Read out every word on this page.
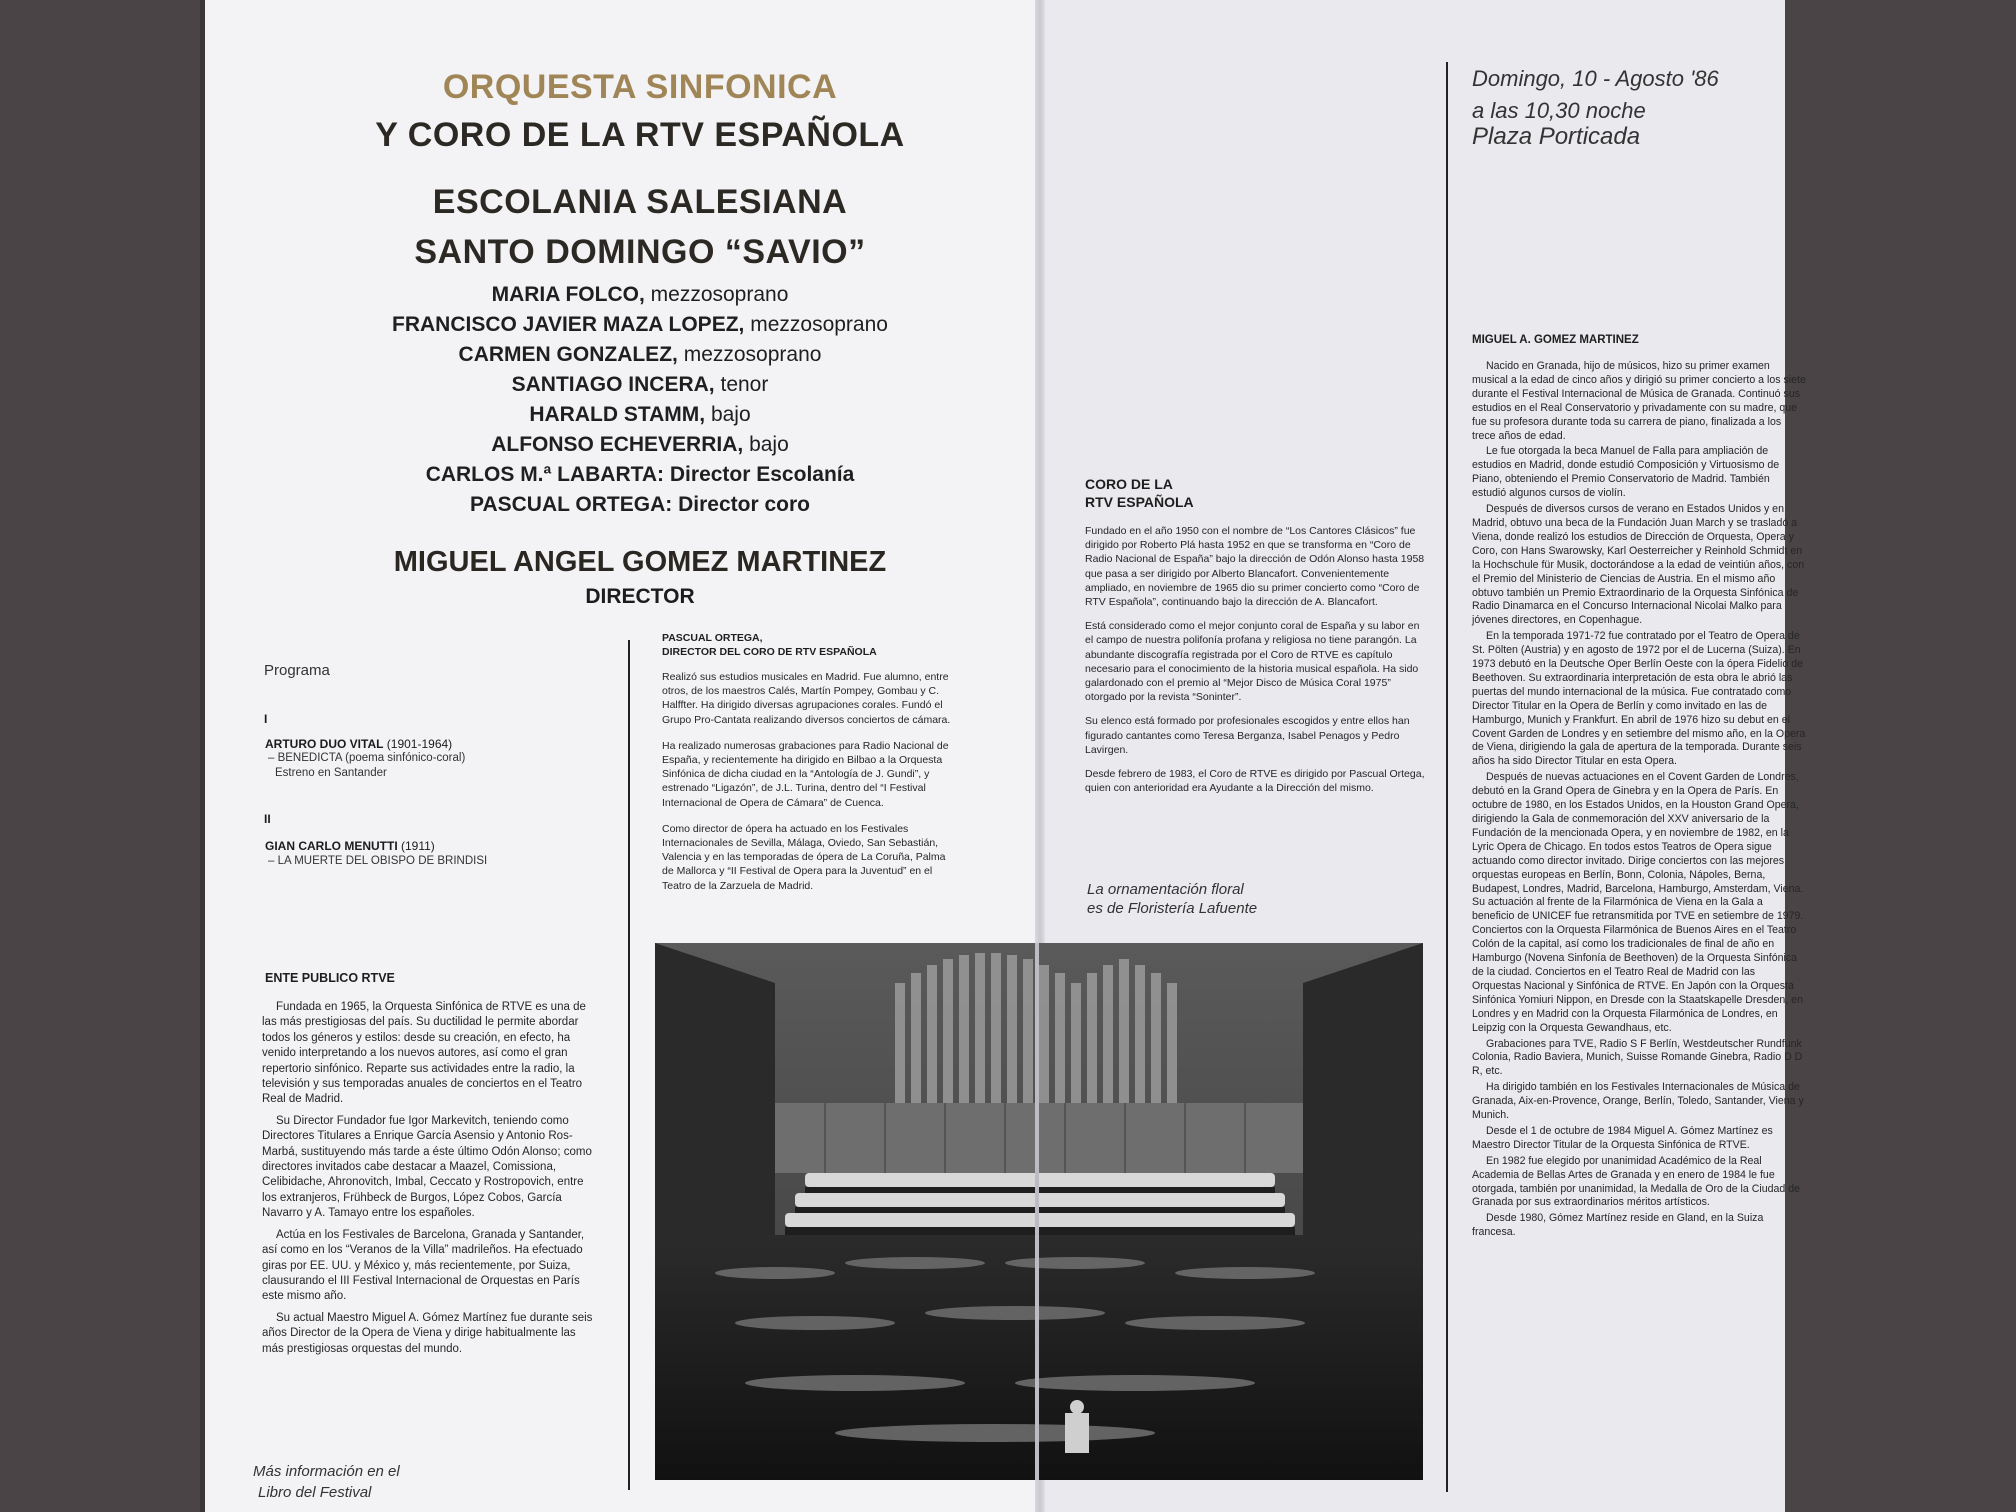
ORQUESTA SINFONICA
Y CORO DE LA RTV ESPAÑOLA
ESCOLANIA SALESIANA
SANTO DOMINGO “SAVIO”
MARIA FOLCO, mezzosoprano
FRANCISCO JAVIER MAZA LOPEZ, mezzosoprano
CARMEN GONZALEZ, mezzosoprano
SANTIAGO INCERA, tenor
HARALD STAMM, bajo
ALFONSO ECHEVERRIA, bajo
CARLOS M.ª LABARTA: Director Escolanía
PASCUAL ORTEGA: Director coro
MIGUEL ANGEL GOMEZ MARTINEZ
DIRECTOR
Programa
I
ARTURO DUO VITAL (1901-1964)
– BENEDICTA (poema sinfónico-coral)
Estreno en Santander
II
GIAN CARLO MENUTTI (1911)
– LA MUERTE DEL OBISPO DE BRINDISI
ENTE PUBLICO RTVE

Fundada en 1965, la Orquesta Sinfónica de RTVE es una de las más prestigiosas del país. Su ductilidad le permite abordar todos los géneros y estilos: desde su creación, en efecto, ha venido interpretando a los nuevos autores, así como el gran repertorio sinfónico. Reparte sus actividades entre la radio, la televisión y sus temporadas anuales de conciertos en el Teatro Real de Madrid.

Su Director Fundador fue Igor Markevitch, teniendo como Directores Titulares a Enrique García Asensio y Antonio Ros-Marbá, sustituyendo más tarde a éste último Odón Alonso; como directores invitados cabe destacar a Maazel, Comissiona, Celibidache, Ahronovitch, Imbal, Ceccato y Rostropovich, entre los extranjeros, Frühbeck de Burgos, López Cobos, García Navarro y A. Tamayo entre los españoles.

Actúa en los Festivales de Barcelona, Granada y Santander, así como en los “Veranos de la Villa” madrileños. Ha efectuado giras por EE. UU. y México y, más recientemente, por Suiza, clausurando el III Festival Internacional de Orquestas en París este mismo año.

Su actual Maestro Miguel A. Gómez Martínez fue durante seis años Director de la Opera de Viena y dirige habitualmente las más prestigiosas orquestas del mundo.

Más información en el
Libro del Festival
PASCUAL ORTEGA,
DIRECTOR DEL CORO DE RTV ESPAÑOLA

Realizó sus estudios musicales en Madrid. Fue alumno, entre otros, de los maestros Calés, Martín Pompey, Gombau y C. Halffter. Ha dirigido diversas agrupaciones corales. Fundó el Grupo Pro-Cantata realizando diversos conciertos de cámara.

Ha realizado numerosas grabaciones para Radio Nacional de España, y recientemente ha dirigido en Bilbao a la Orquesta Sinfónica de dicha ciudad en la “Antología de J. Gundi”, y estrenado “Ligazón”, de J.L. Turina, dentro del “I Festival Internacional de Opera de Cámara” de Cuenca.

Como director de ópera ha actuado en los Festivales Internacionales de Sevilla, Málaga, Oviedo, San Sebastián, Valencia y en las temporadas de ópera de La Coruña, Palma de Mallorca y “II Festival de Opera para la Juventud” en el Teatro de la Zarzuela de Madrid.

CORO DE LA
RTV ESPAÑOLA

Fundado en el año 1950 con el nombre de “Los Cantores Clásicos” fue dirigido por Roberto Plá hasta 1952 en que se transforma en “Coro de Radio Nacional de España” bajo la dirección de Odón Alonso hasta 1958 que pasa a ser dirigido por Alberto Blancafort. Convenientemente ampliado, en noviembre de 1965 dio su primer concierto como “Coro de RTV Española”, continuando bajo la dirección de A. Blancafort.

Está considerado como el mejor conjunto coral de España y su labor en el campo de nuestra polifonía profana y religiosa no tiene parangón. La abundante discografía registrada por el Coro de RTVE es capítulo necesario para el conocimiento de la historia musical española. Ha sido galardonado con el premio al “Mejor Disco de Música Coral 1975” otorgado por la revista “Soninter”.

Su elenco está formado por profesionales escogidos y entre ellos han figurado cantantes como Teresa Berganza, Isabel Penagos y Pedro Lavirgen.

Desde febrero de 1983, el Coro de RTVE es dirigido por Pascual Ortega, quien con anterioridad era Ayudante a la Dirección del mismo.

La ornamentación floral
es de Floristería Lafuente
Domingo, 10 - Agosto '86
a las 10,30 noche
Plaza Porticada
MIGUEL A. GOMEZ MARTINEZ

Nacido en Granada, hijo de músicos, hizo su primer examen musical a la edad de cinco años y dirigió su primer concierto a los siete durante el Festival Internacional de Música de Granada. Continuó sus estudios en el Real Conservatorio y privadamente con su madre, que fue su profesora durante toda su carrera de piano, finalizada a los trece años de edad.

Le fue otorgada la beca Manuel de Falla para ampliación de estudios en Madrid, donde estudió Composición y Virtuosismo de Piano, obteniendo el Premio Conservatorio de Madrid. También estudió algunos cursos de violín.

Después de diversos cursos de verano en Estados Unidos y en Madrid, obtuvo una beca de la Fundación Juan March y se trasladó a Viena, donde realizó los estudios de Dirección de Orquesta, Opera y Coro, con Hans Swarowsky, Karl Oesterreicher y Reinhold Schmidt en la Hochschule für Musik, doctorándose a la edad de veintiún años, con el Premio del Ministerio de Ciencias de Austria. En el mismo año obtuvo también un Premio Extraordinario de la Orquesta Sinfónica de Radio Dinamarca en el Concurso Internacional Nicolai Malko para jóvenes directores, en Copenhague.

En la temporada 1971-72 fue contratado por el Teatro de Opera de St. Pölten (Austria) y en agosto de 1972 por el de Lucerna (Suiza). En 1973 debutó en la Deutsche Oper Berlín Oeste con la ópera Fidelio de Beethoven. Su extraordinaria interpretación de esta obra le abrió las puertas del mundo internacional de la música. Fue contratado como Director Titular en la Opera de Berlín y como invitado en las de Hamburgo, Munich y Frankfurt. En abril de 1976 hizo su debut en el Covent Garden de Londres y en setiembre del mismo año, en la Opera de Viena, dirigiendo la gala de apertura de la temporada. Durante seis años ha sido Director Titular en esta Opera.

Después de nuevas actuaciones en el Covent Garden de Londres, debutó en la Grand Opera de Ginebra y en la Opera de París. En octubre de 1980, en los Estados Unidos, en la Houston Grand Opera, dirigiendo la Gala de conmemoración del XXV aniversario de la Fundación de la mencionada Opera, y en noviembre de 1982, en la Lyric Opera de Chicago. En todos estos Teatros de Opera sigue actuando como director invitado. Dirige conciertos con las mejores orquestas europeas en Berlín, Bonn, Colonia, Nápoles, Berna, Budapest, Londres, Madrid, Barcelona, Hamburgo, Amsterdam, Viena. Su actuación al frente de la Filarmónica de Viena en la Gala a beneficio de UNICEF fue retransmitida por TVE en setiembre de 1979. Conciertos con la Orquesta Filarmónica de Buenos Aires en el Teatro Colón de la capital, así como los tradicionales de final de año en Hamburgo (Novena Sinfonía de Beethoven) de la Orquesta Sinfónica de la ciudad. Conciertos en el Teatro Real de Madrid con las Orquestas Nacional y Sinfónica de RTVE. En Japón con la Orquesta Sinfónica Yomiuri Nippon, en Dresde con la Staatskapelle Dresden, en Londres y en Madrid con la Orquesta Filarmónica de Londres, en Leipzig con la Orquesta Gewandhaus, etc.

Grabaciones para TVE, Radio S F Berlín, Westdeutscher Rundfunk Colonia, Radio Baviera, Munich, Suisse Romande Ginebra, Radio D D R, etc.

Ha dirigido también en los Festivales Internacionales de Música de Granada, Aix-en-Provence, Orange, Berlín, Toledo, Santander, Viena y Munich.

Desde el 1 de octubre de 1984 Miguel A. Gómez Martínez es Maestro Director Titular de la Orquesta Sinfónica de RTVE.

En 1982 fue elegido por unanimidad Académico de la Real Academia de Bellas Artes de Granada y en enero de 1984 le fue otorgada, también por unanimidad, la Medalla de Oro de la Ciudad de Granada por sus extraordinarios méritos artísticos.

Desde 1980, Gómez Martínez reside en Gland, en la Suiza francesa.
